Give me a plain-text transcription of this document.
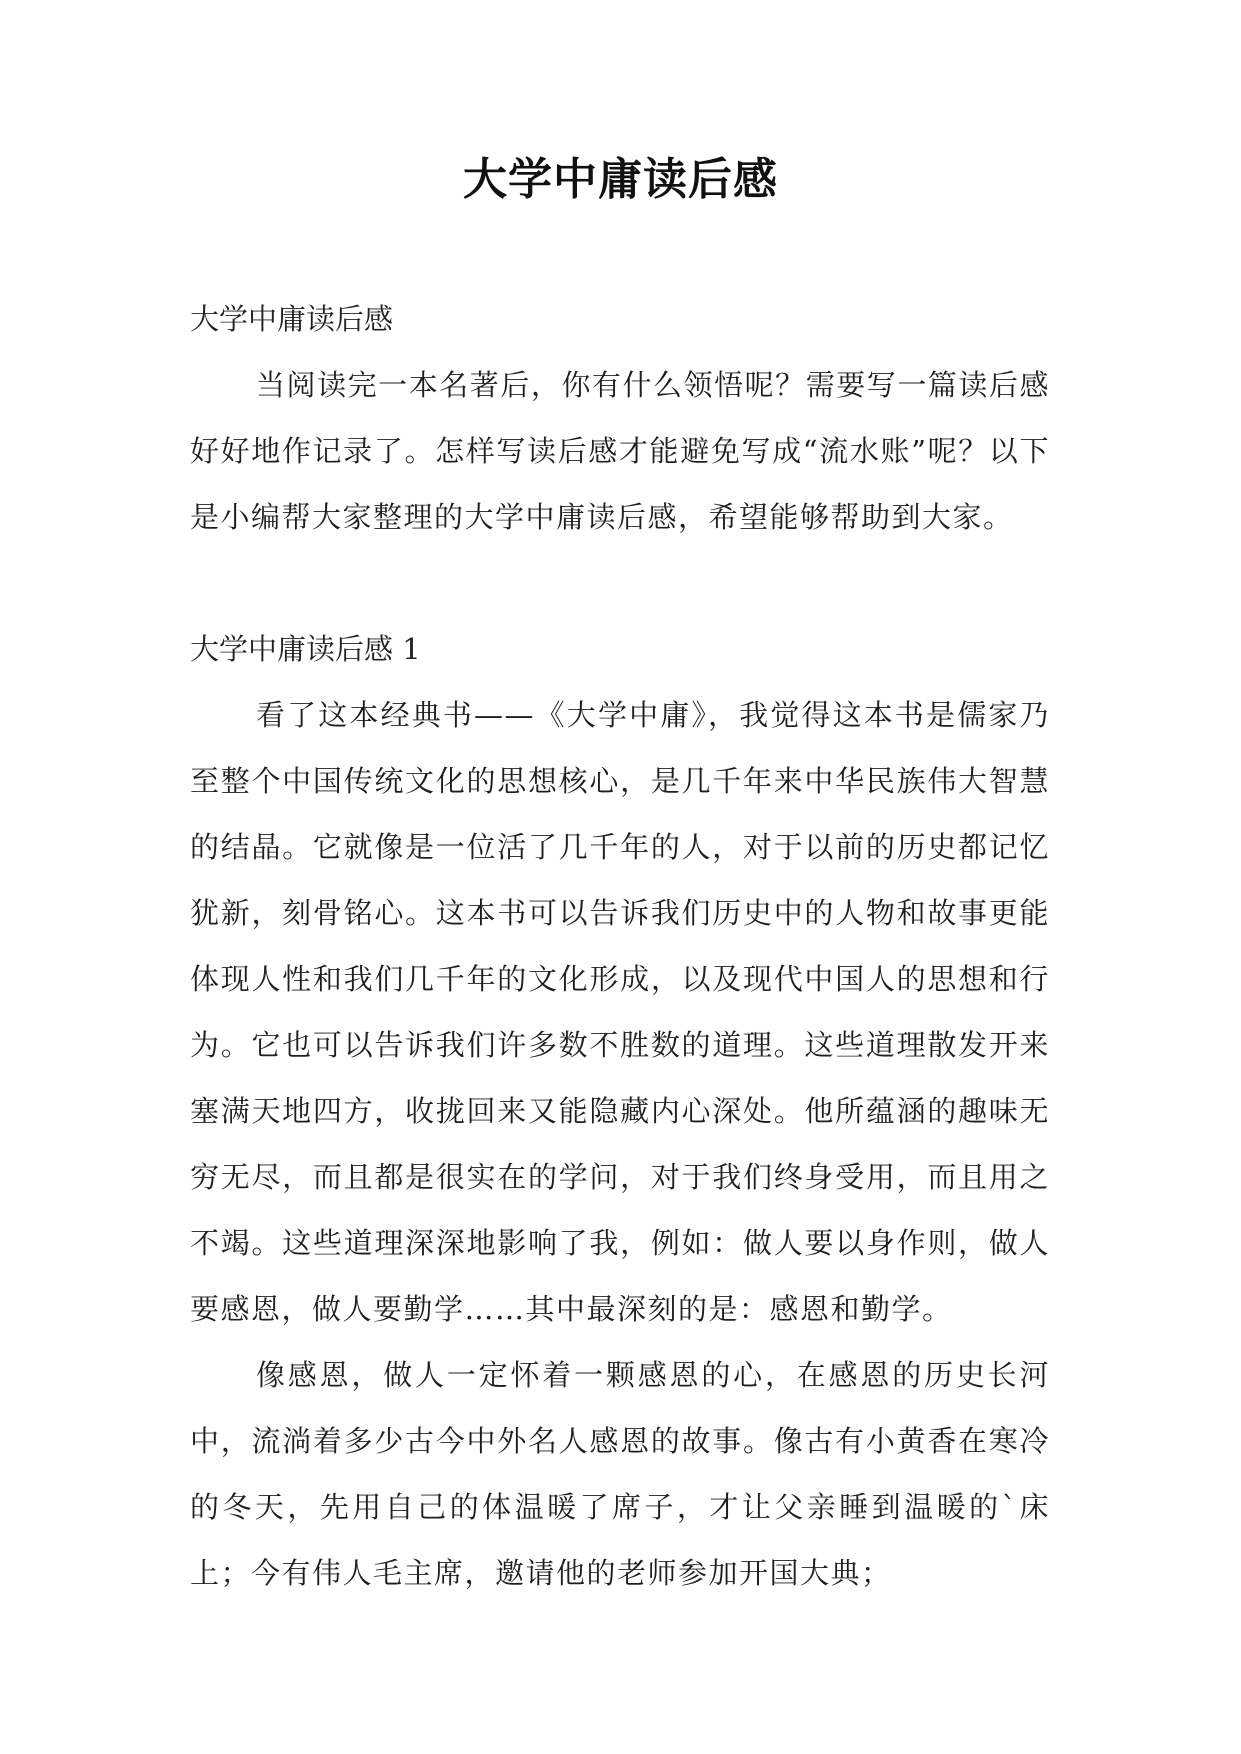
大学中庸读后感

大学中庸读后感

当阅读完一本名著后，你有什么领悟呢？需要写一篇读后感好好地作记录了。怎样写读后感才能避免写成“流水账”呢？以下是小编帮大家整理的大学中庸读后感，希望能够帮助到大家。

大学中庸读后感 1

看了这本经典书——《大学中庸》，我觉得这本书是儒家乃至整个中国传统文化的思想核心，是几千年来中华民族伟大智慧的结晶。它就像是一位活了几千年的人，对于以前的历史都记忆犹新，刻骨铭心。这本书可以告诉我们历史中的人物和故事更能体现人性和我们几千年的文化形成，以及现代中国人的思想和行为。它也可以告诉我们许多数不胜数的道理。这些道理散发开来塞满天地四方，收拢回来又能隐藏内心深处。他所蕴涵的趣味无穷无尽，而且都是很实在的学问，对于我们终身受用，而且用之不竭。这些道理深深地影响了我，例如：做人要以身作则，做人要感恩，做人要勤学……其中最深刻的是：感恩和勤学。

像感恩，做人一定怀着一颗感恩的心，在感恩的历史长河中，流淌着多少古今中外名人感恩的故事。像古有小黄香在寒冷的冬天，先用自己的体温暖了席子，才让父亲睡到温暖的`床上；今有伟人毛主席，邀请他的老师参加开国大典；
